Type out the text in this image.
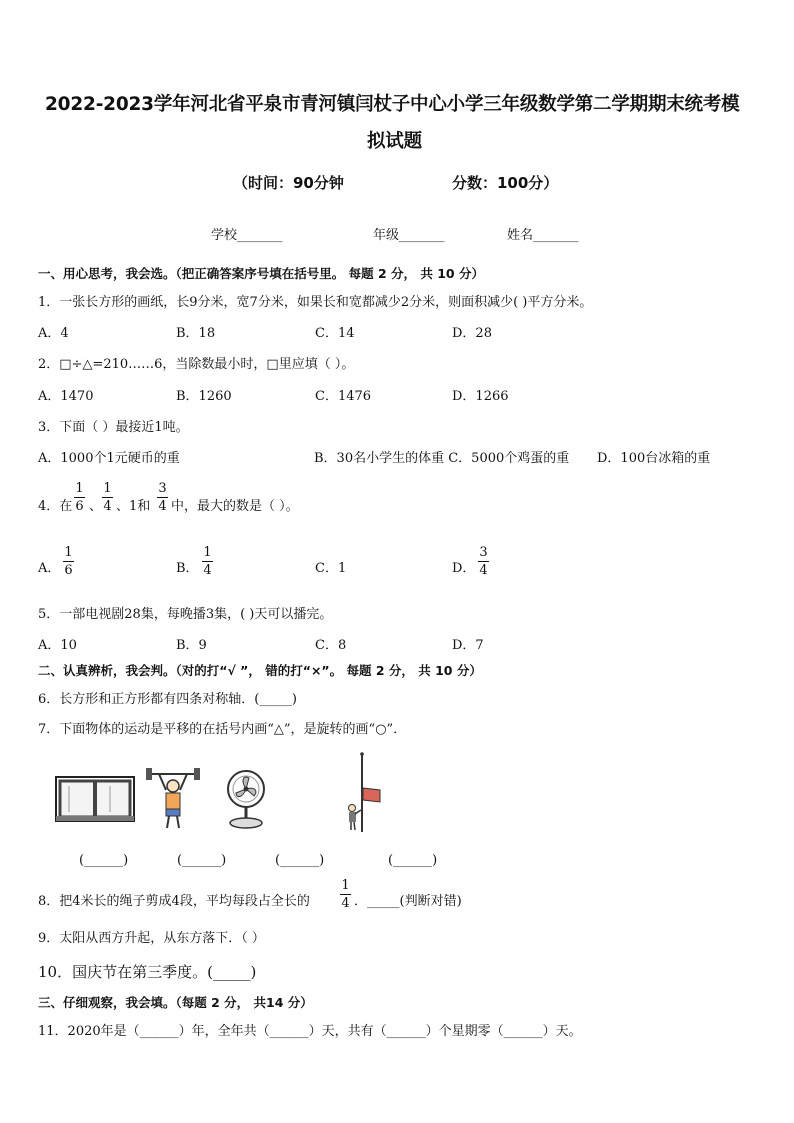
2022-2023学年河北省平泉市青河镇闫杖子中心小学三年级数学第二学期期末统考模
拟试题
（时间：90分钟	分数：100分）
学校_______	年级_______	姓名_______
一、用心思考，我会选。（把正确答案序号填在括号里。 每题 2 分， 共 10 分）
1．一张长方形的画纸，长9分米，宽7分米，如果长和宽都减少2分米，则面积减少( )平方分米。
A．4	B．18	C．14	D．28
2．□÷△=210……6，当除数最小时，□里应填（ ）。
A．1470	B．1260	C．1476	D．1266
3．下面（ ）最接近1吨。
A．1000个1元硬币的重	B．30名小学生的体重 C．5000个鸡蛋的重 D．100台冰箱的重
4．在
1
6 、
1
4 、1和
3
4 中，最大的数是（ ）。
A．
1
6	B．
1
4	C．1	D．
3
4
5．一部电视剧28集，每晚播3集，( )天可以播完。
A．10	B．9	C．8	D．7
二、认真辨析，我会判。（对的打“√ ”， 错的打“×”。 每题 2 分， 共 10 分）
6．长方形和正方形都有四条对称轴．(_____)
7．下面物体的运动是平移的在括号内画“△”，是旋转的画“○”．
(______)	(______)	(______)	(______)
8．把4米长的绳子剪成4段，平均每段占全长的
1
4 ．_____(判断对错)
9．太阳从西方升起，从东方落下．（ ）
10．国庆节在第三季度。(_____)
三、仔细观察，我会填。（每题 2 分， 共14 分）
11．2020年是（______）年，全年共（______）天，共有（______）个星期零（______）天。
